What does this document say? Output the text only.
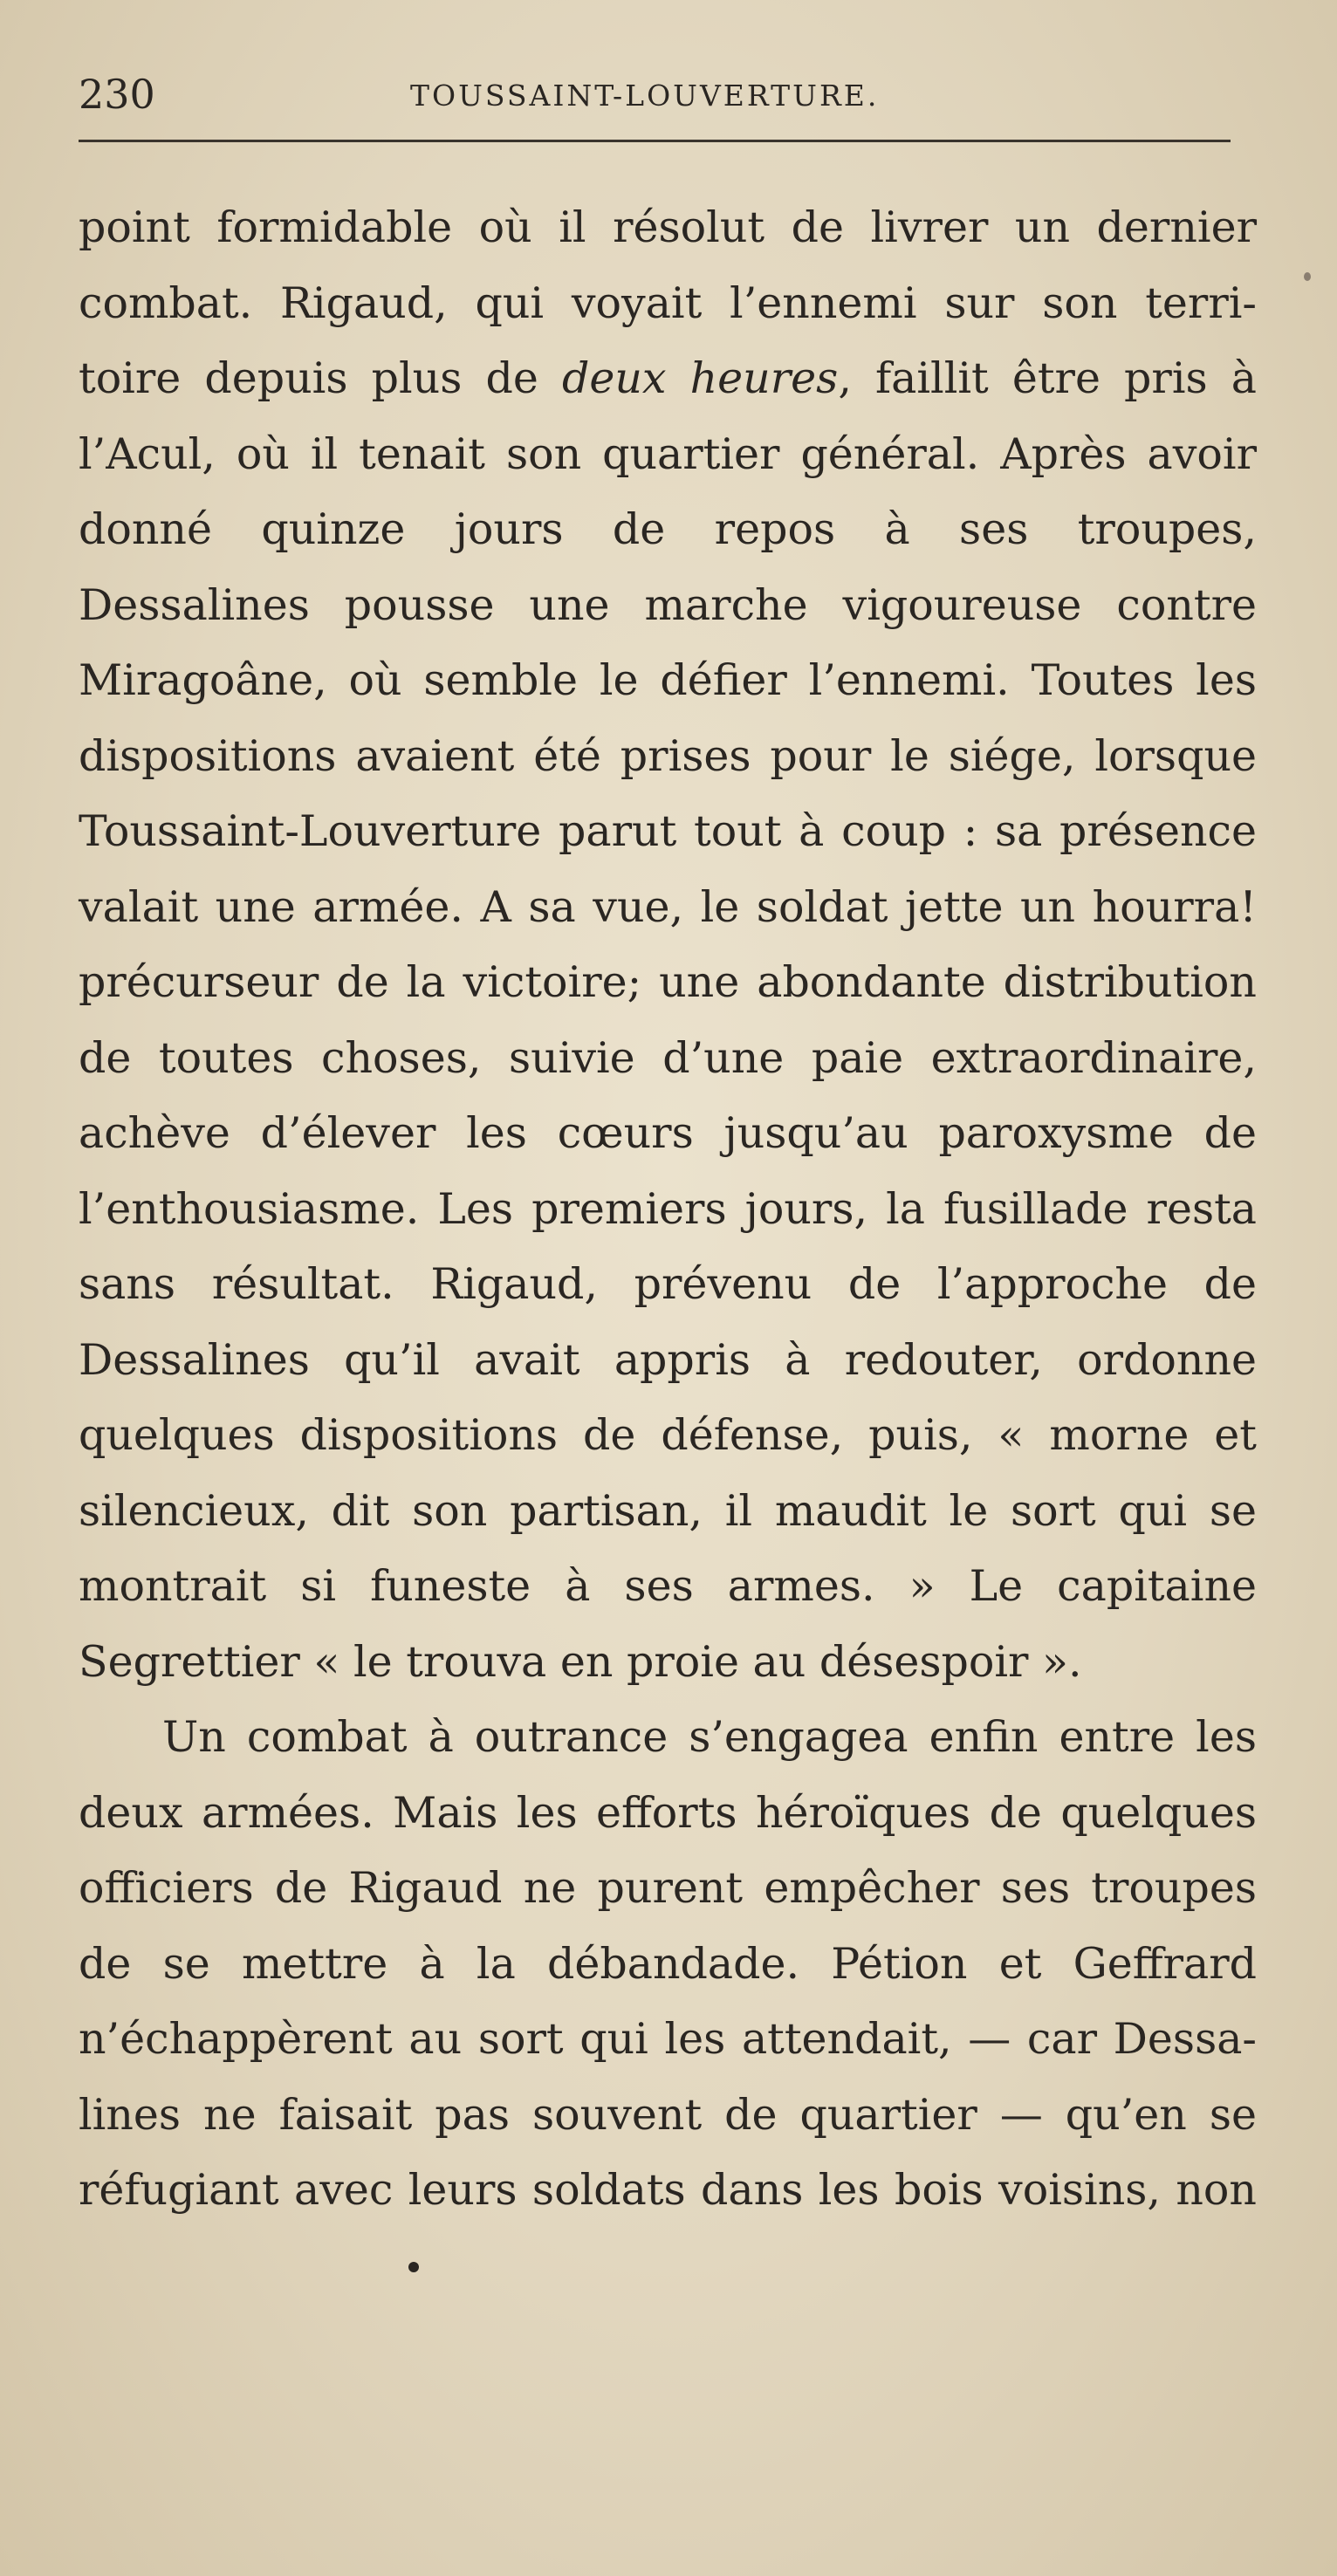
230	TOUSSAINT-LOUVERTURE.
point formidable où il résolut de livrer un dernier
combat. Rigaud, qui voyait l’ennemi sur son terri-
toire depuis plus de deux heures, faillit être pris à
l’Acul, où il tenait son quartier général. Après avoir
donné quinze jours de repos à ses troupes,
Dessalines pousse une marche vigoureuse contre
Miragoâne, où semble le défier l’ennemi. Toutes les
dispositions avaient été prises pour le siége, lorsque
Toussaint-Louverture parut tout à coup : sa présence
valait une armée. A sa vue, le soldat jette un hourra!
précurseur de la victoire; une abondante distribution
de toutes choses, suivie d’une paie extraordinaire,
achève d’élever les cœurs jusqu’au paroxysme de
l’enthousiasme. Les premiers jours, la fusillade resta
sans résultat. Rigaud, prévenu de l’approche de
Dessalines qu’il avait appris à redouter, ordonne
quelques dispositions de défense, puis, « morne et
silencieux, dit son partisan, il maudit le sort qui se
montrait si funeste à ses armes. » Le capitaine
Segrettier « le trouva en proie au désespoir ».
Un combat à outrance s’engagea enfin entre les
deux armées. Mais les efforts héroïques de quelques
officiers de Rigaud ne purent empêcher ses troupes
de se mettre à la débandade. Pétion et Geffrard
n’échappèrent au sort qui les attendait, — car Dessa-
lines ne faisait pas souvent de quartier — qu’en se
réfugiant avec leurs soldats dans les bois voisins, non
